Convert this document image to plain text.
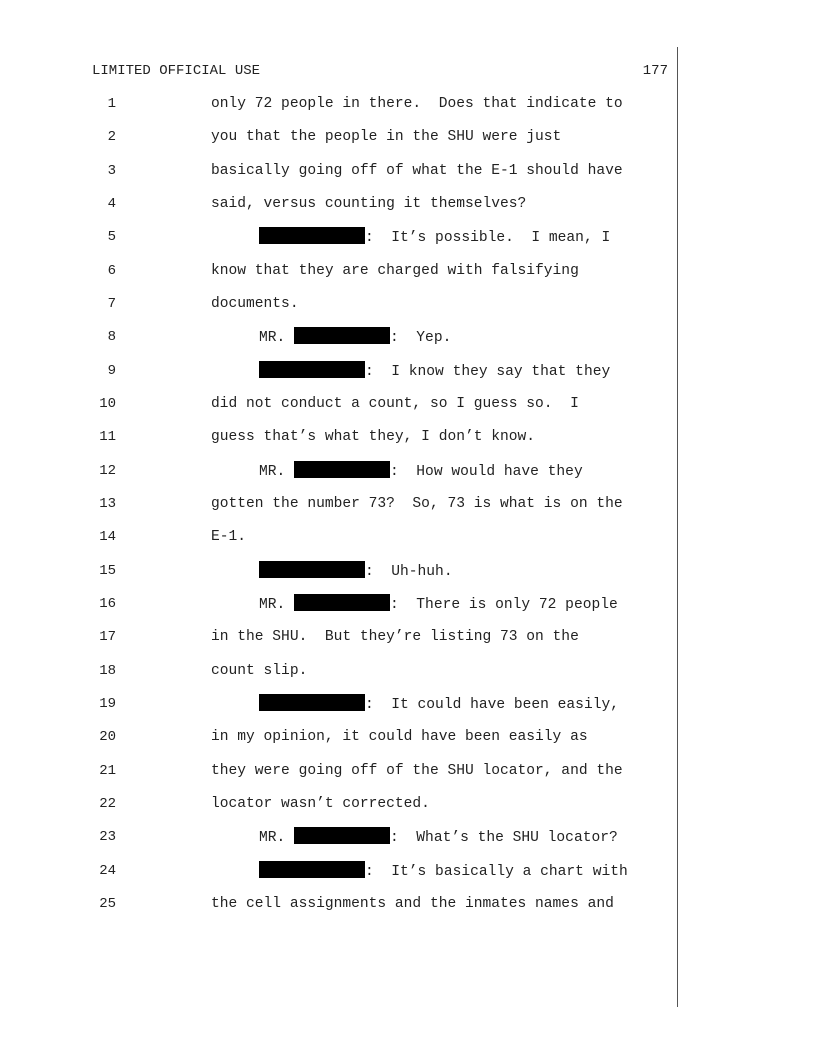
LIMITED OFFICIAL USE	177
1	only 72 people in there.  Does that indicate to
2	you that the people in the SHU were just
3	basically going off of what the E-1 should have
4	said, versus counting it themselves?
5	:  It’s possible.  I mean, I
6	know that they are charged with falsifying
7	documents.
8	MR.	:  Yep.
9	:  I know they say that they
10	did not conduct a count, so I guess so.  I
11	guess that’s what they, I don’t know.
12	MR.	:  How would have they
13	gotten the number 73?  So, 73 is what is on the
14	E-1.
15	:  Uh-huh.
16	MR.	:  There is only 72 people
17	in the SHU.  But they’re listing 73 on the
18	count slip.
19	:  It could have been easily,
20	in my opinion, it could have been easily as
21	they were going off of the SHU locator, and the
22	locator wasn’t corrected.
23	MR.	:  What’s the SHU locator?
24	:  It’s basically a chart with
25	the cell assignments and the inmates names and
